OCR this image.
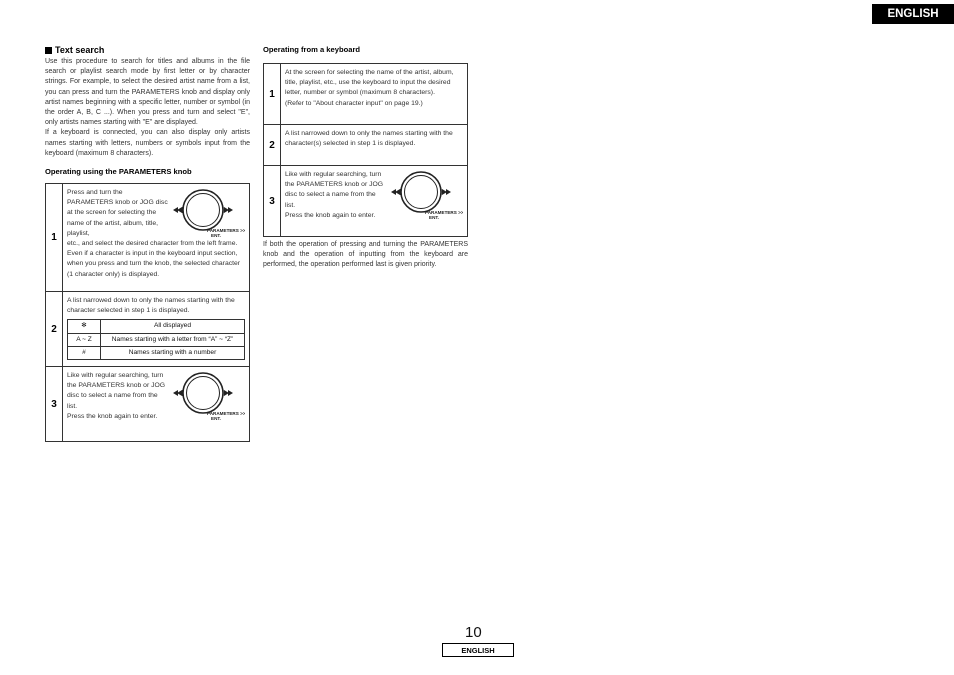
ENGLISH
Text search
Use this procedure to search for titles and albums in the file search or playlist search mode by first letter or by character strings. For example, to select the desired artist name from a list, you can press and turn the PARAMETERS knob and display only artist names beginning with a specific letter, number or symbol (in the order A, B, C ...). When you press and turn and select "E", only artists names starting with "E" are displayed.
If a keyboard is connected, you can also display only artists names starting with letters, numbers or symbols input from the keyboard (maximum 8 characters).
Operating using the PARAMETERS knob
1	
Press and turn the PARAMETERS knob or JOG disc at the screen for selecting the name of the artist, album, title, playlist,	PARAMETERS >>
ENT.
etc., and select the desired character from the left frame.
Even if a character is input in the keyboard input section, when you press and turn the knob, the selected character (1 character only) is displayed.

2	
A list narrowed down to only the names starting with the character selected in step 1 is displayed.
✻	All displayed
A ~ Z	Names starting with a letter from “A” ~ “Z”
#	Names starting with a number

3	
Like with regular searching, turn the PARAMETERS knob or JOG disc to select a name from the list.
Press the knob again to enter.	PARAMETERS >>
ENT.
Operating from a keyboard
1	At the screen for selecting the name of the artist, album, title, playlist, etc., use the keyboard to input the desired letter, number or symbol (maximum 8 characters).
(Refer to "About character input" on page 19.)

2	A list narrowed down to only the names starting with the character(s) selected in step 1 is displayed.

3	Like with regular searching, turn the PARAMETERS knob or JOG disc to select a name from the list.
Press the knob again to enter. PARAMETERS >>
ENT.
If both the operation of pressing and turning the PARAMETERS knob and the operation of inputting from the keyboard are performed, the operation performed last is given priority.
10
ENGLISH
